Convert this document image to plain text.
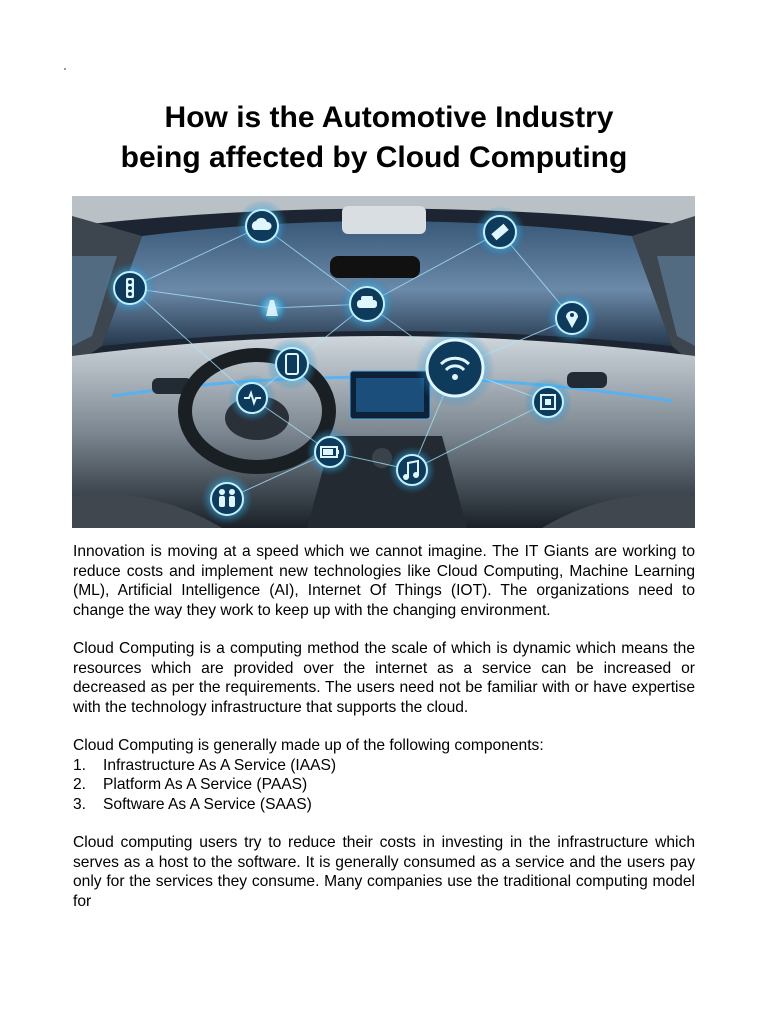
How is the Automotive Industry
being affected by Cloud Computing

Innovation is moving at a speed which we cannot imagine. The IT Giants are working to reduce costs and implement new technologies like Cloud Computing, Machine Learning (ML), Artificial Intelligence (AI), Internet Of Things (IOT). The organizations need to change the way they work to keep up with the changing environment.

Cloud Computing is a computing method the scale of which is dynamic which means the resources which are provided over the internet as a service can be increased or decreased as per the requirements. The users need not be familiar with or have expertise with the technology infrastructure that supports the cloud.

Cloud Computing is generally made up of the following components:
1.	Infrastructure As A Service (IAAS)
2.	Platform As A Service (PAAS)
3.	Software As A Service (SAAS)

Cloud computing users try to reduce their costs in investing in the infrastructure which serves as a host to the software. It is generally consumed as a service and the users pay only for the services they consume. Many companies use the traditional computing model for
